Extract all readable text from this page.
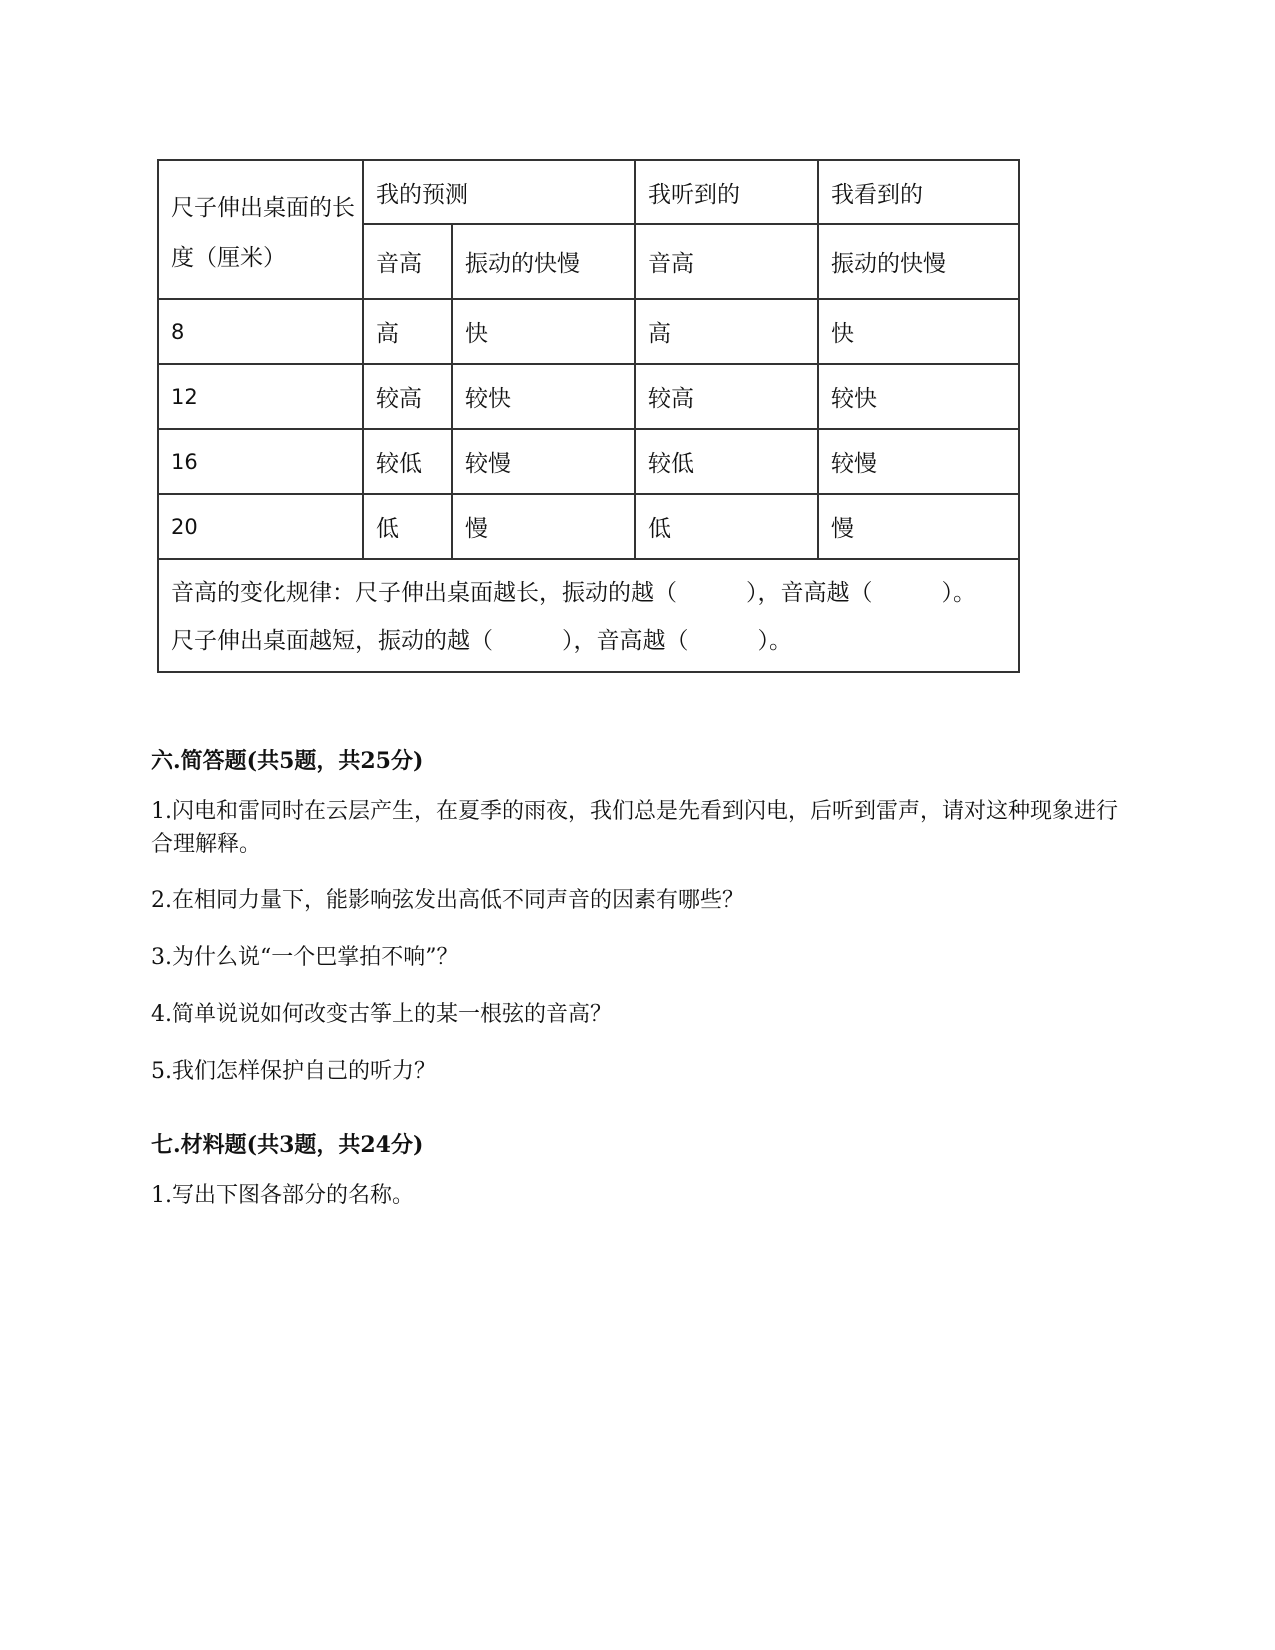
尺子伸出桌面的长度（厘米）	我的预测		我听到的	我看到的
	音高	振动的快慢	音高	振动的快慢
8	高	快	高	快
12	较高	较快	较高	较快
16	较低	较慢	较低	较慢
20	低	慢	低	慢

音高的变化规律：尺子伸出桌面越长，振动的越（　　　），音高越（　　　）。
尺子伸出桌面越短，振动的越（　　　），音高越（　　　）。				
六.简答题(共5题，共25分)
1.闪电和雷同时在云层产生，在夏季的雨夜，我们总是先看到闪电，后听到雷声，请对这种现象进行合理解释。
2.在相同力量下，能影响弦发出高低不同声音的因素有哪些？
3.为什么说“一个巴掌拍不响”？
4.简单说说如何改变古筝上的某一根弦的音高？
5.我们怎样保护自己的听力？
七.材料题(共3题，共24分)
1.写出下图各部分的名称。
